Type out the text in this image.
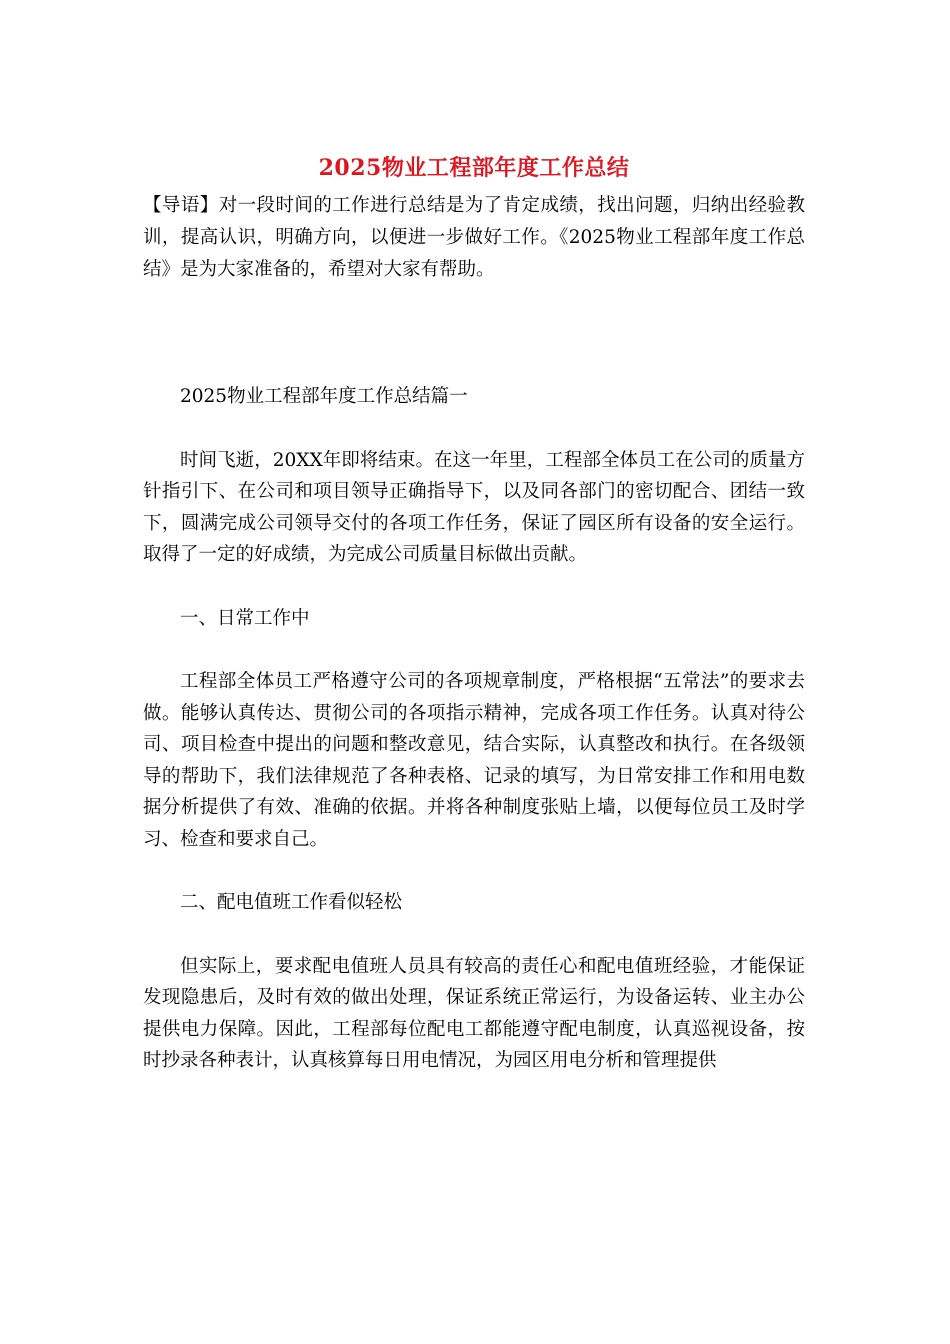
2025物业工程部年度工作总结

【导语】对一段时间的工作进行总结是为了肯定成绩，找出问题，归纳出经验教训，提高认识，明确方向，以便进一步做好工作。《2025物业工程部年度工作总结》是为大家准备的，希望对大家有帮助。

2025物业工程部年度工作总结篇一

时间飞逝，20XX年即将结束。在这一年里，工程部全体员工在公司的质量方针指引下、在公司和项目领导正确指导下，以及同各部门的密切配合、团结一致下，圆满完成公司领导交付的各项工作任务，保证了园区所有设备的安全运行。取得了一定的好成绩，为完成公司质量目标做出贡献。

一、日常工作中

工程部全体员工严格遵守公司的各项规章制度，严格根据“五常法”的要求去做。能够认真传达、贯彻公司的各项指示精神，完成各项工作任务。认真对待公司、项目检查中提出的问题和整改意见，结合实际，认真整改和执行。在各级领导的帮助下，我们法律规范了各种表格、记录的填写，为日常安排工作和用电数据分析提供了有效、准确的依据。并将各种制度张贴上墙，以便每位员工及时学习、检查和要求自己。

二、配电值班工作看似轻松

但实际上，要求配电值班人员具有较高的责任心和配电值班经验，才能保证发现隐患后，及时有效的做出处理，保证系统正常运行，为设备运转、业主办公提供电力保障。因此，工程部每位配电工都能遵守配电制度，认真巡视设备，按时抄录各种表计，认真核算每日用电情况，为园区用电分析和管理提供
